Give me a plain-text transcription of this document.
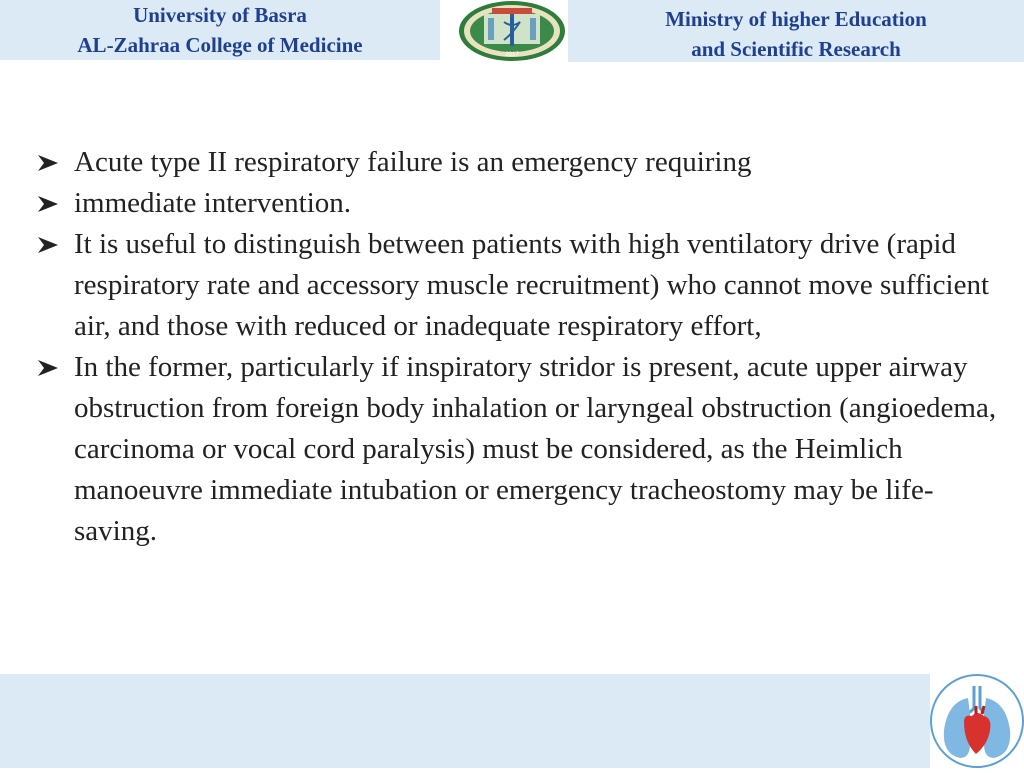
University of Basra
AL-Zahraa College of Medicine	2017
Ministry of higher Education
and Scientific Research

Acute type II respiratory failure is an emergency requiring

immediate intervention.

It is useful to distinguish between patients with high ventilatory drive (rapid respiratory rate and accessory muscle recruitment) who cannot move sufficient air, and those with reduced or inadequate respiratory effort,

In the former, particularly if inspiratory stridor is present, acute upper airway obstruction from foreign body inhalation or laryngeal obstruction (angioedema, carcinoma or vocal cord paralysis) must be considered, as the Heimlich manoeuvre immediate intubation or emergency tracheostomy may be life-saving.
